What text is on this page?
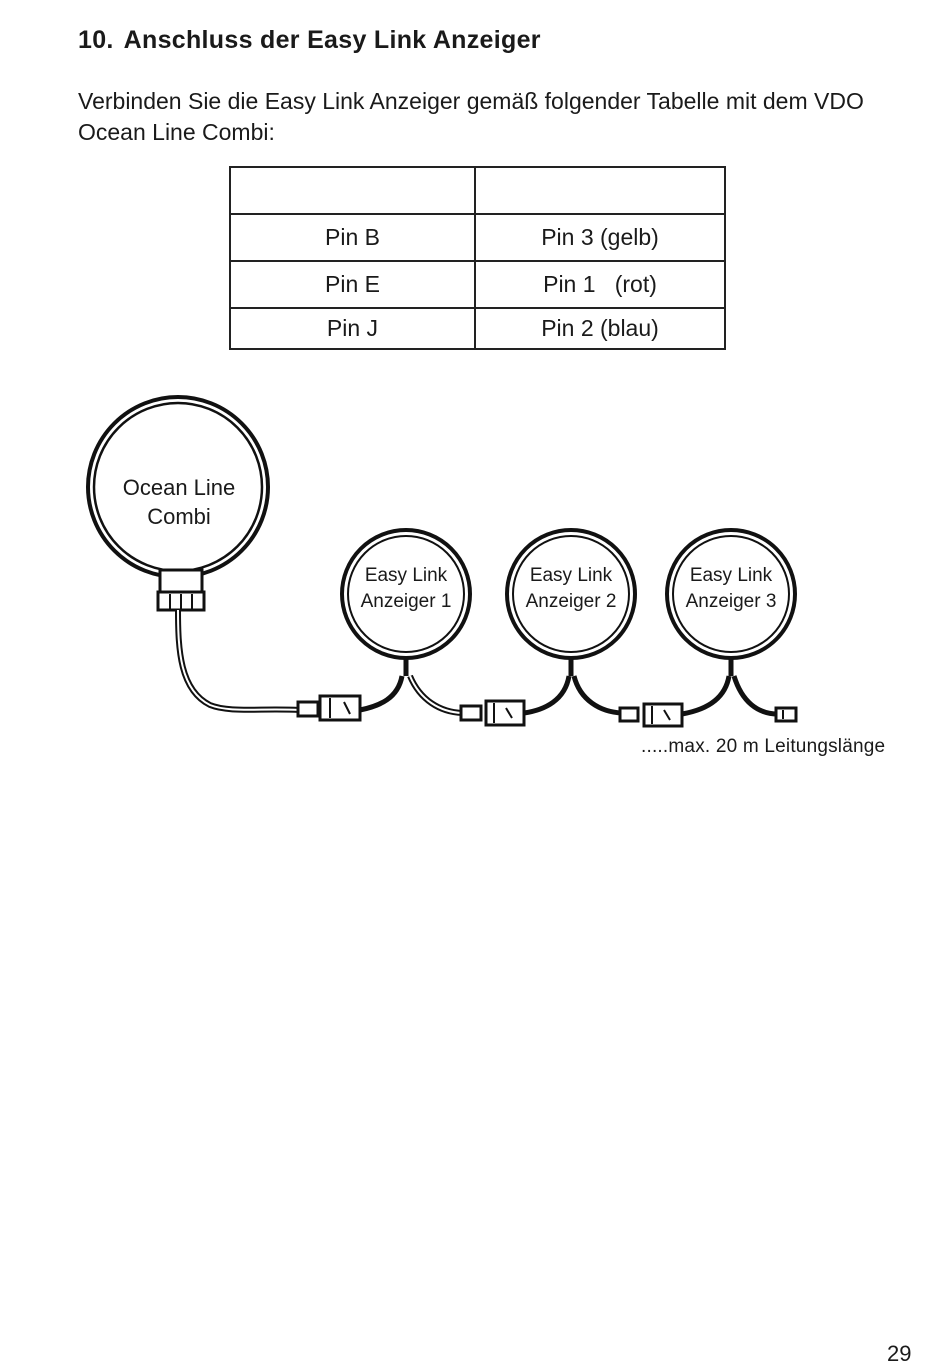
10. Anschluss der Easy Link Anzeiger

Verbinden Sie die Easy Link Anzeiger gemäß folgender Tabelle mit dem VDO Ocean Line Combi:

Pin B	Pin 3 (gelb)
Pin E	Pin 1   (rot)
Pin J	Pin 2 (blau)
Ocean Line
Combi
Easy Link
Anzeiger 1
Easy Link
Anzeiger 2
Easy Link
Anzeiger 3
.....max. 20 m Leitungslänge
29
